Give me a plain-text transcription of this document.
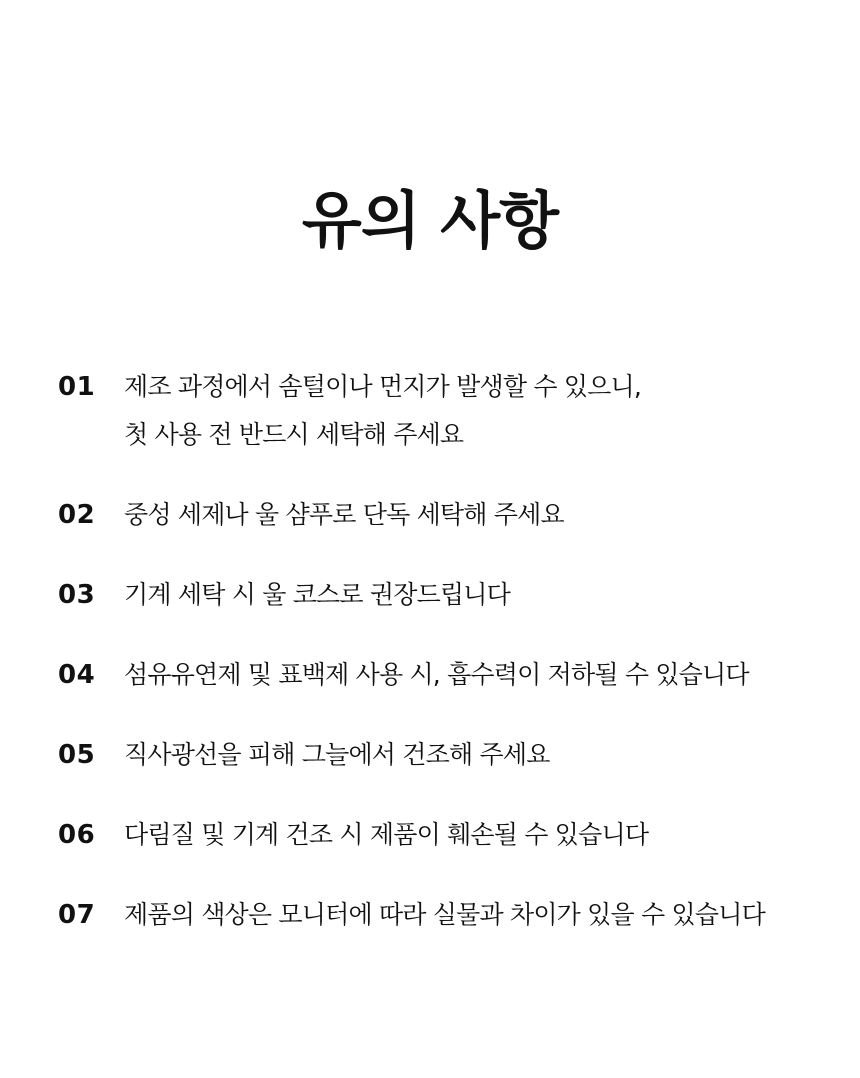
유의 사항
01	제조 과정에서 솜털이나 먼지가 발생할 수 있으니,
첫 사용 전 반드시 세탁해 주세요
02	중성 세제나 울 샴푸로 단독 세탁해 주세요
03	기계 세탁 시 울 코스로 권장드립니다
04	섬유유연제 및 표백제 사용 시, 흡수력이 저하될 수 있습니다
05	직사광선을 피해 그늘에서 건조해 주세요
06	다림질 및 기계 건조 시 제품이 훼손될 수 있습니다
07	제품의 색상은 모니터에 따라 실물과 차이가 있을 수 있습니다
